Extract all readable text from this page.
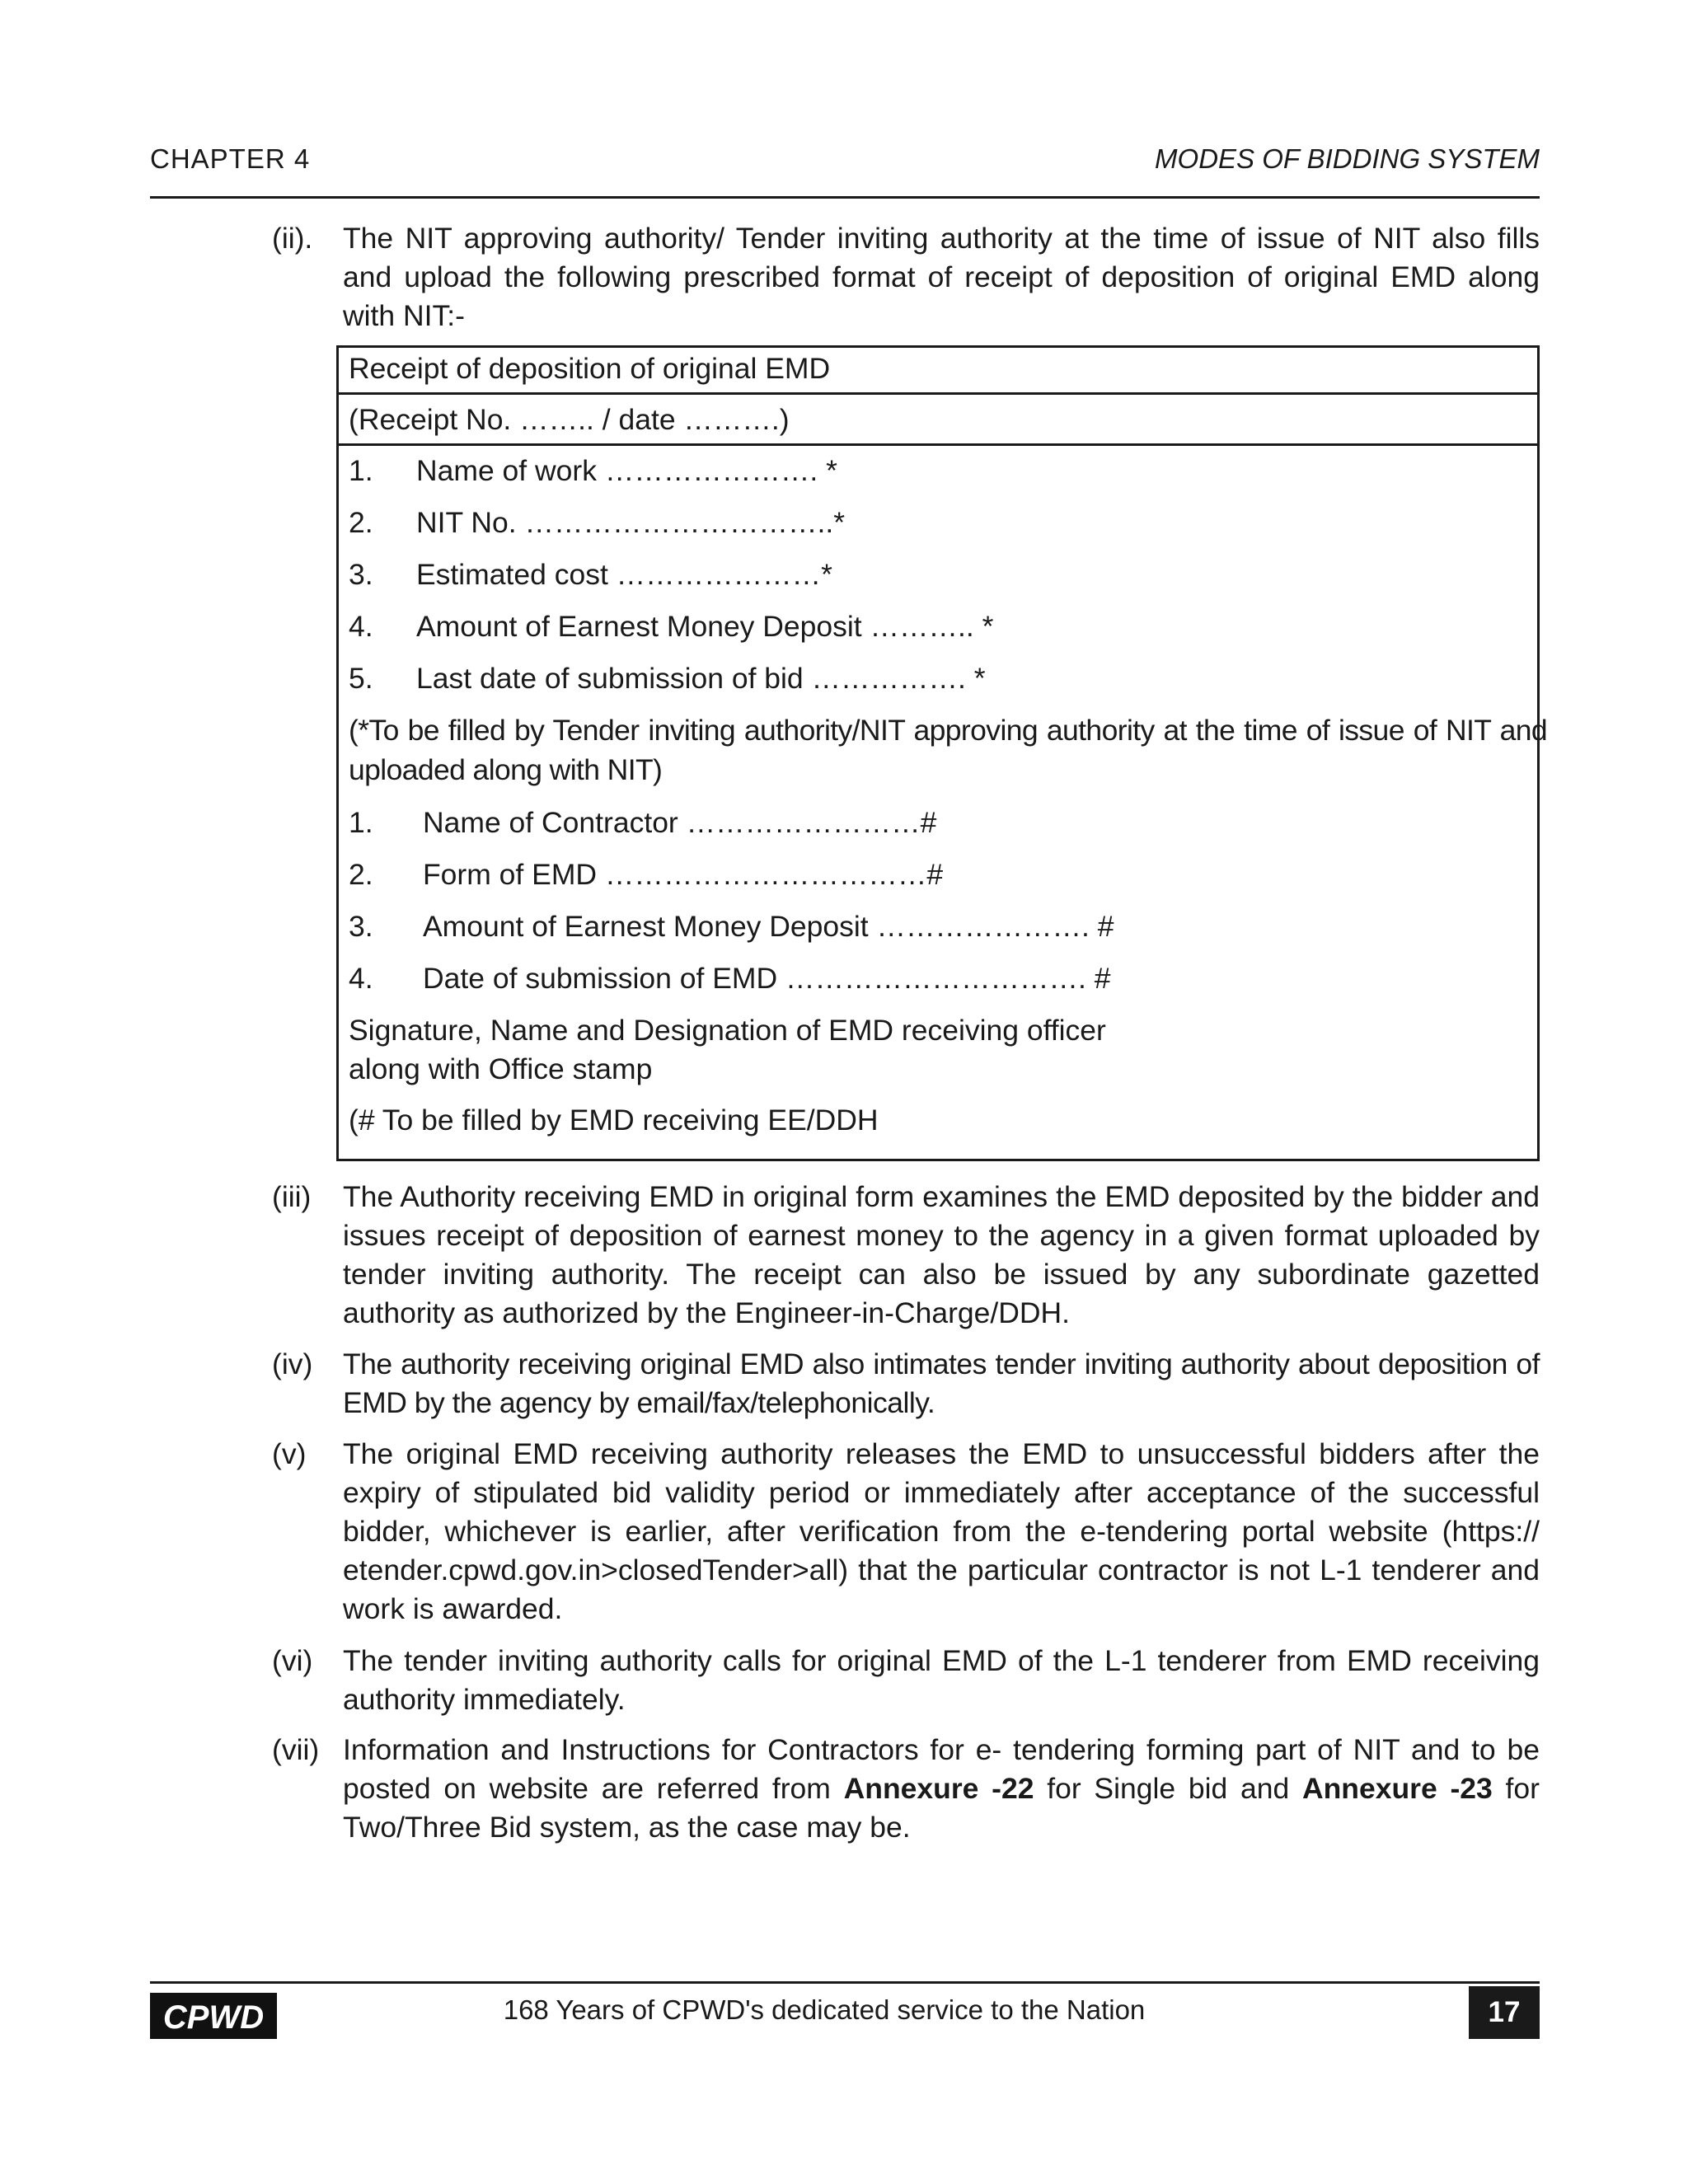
CHAPTER 4	MODES OF BIDDING SYSTEM
(ii). The NIT approving authority/ Tender inviting authority at the time of issue of NIT also fills and upload the following prescribed format of receipt of deposition of original EMD along with NIT:-
Receipt of deposition of original EMD
(Receipt No. …….. / date ……….)
1. Name of work …………………. *
2. NIT No. …………………………..*
3. Estimated cost …………………*
4. Amount of Earnest Money Deposit ……….. *
5. Last date of submission of bid ……………. *
(*To be filled by Tender inviting authority/NIT approving authority at the time of issue of NIT and uploaded along with NIT)
1. Name of Contractor ……………………#
2. Form of EMD ……………………………#
3. Amount of Earnest Money Deposit …………………. #
4. Date of submission of EMD …………………………. #
Signature, Name and Designation of EMD receiving officer
along with Office stamp
(# To be filled by EMD receiving EE/DDH
(iii) The Authority receiving EMD in original form examines the EMD deposited by the bidder and issues receipt of deposition of earnest money to the agency in a given format uploaded by tender inviting authority. The receipt can also be issued by any subordinate gazetted authority as authorized by the Engineer-in-Charge/DDH.
(iv) The authority receiving original EMD also intimates tender inviting authority about deposition of EMD by the agency by email/fax/telephonically.
(v) The original EMD receiving authority releases the EMD to unsuccessful bidders after the expiry of stipulated bid validity period or immediately after acceptance of the successful bidder, whichever is earlier, after verification from the e-tendering portal website (https:// etender.cpwd.gov.in>closedTender>all) that the particular contractor is not L-1 tenderer and work is awarded.
(vi) The tender inviting authority calls for original EMD of the L-1 tenderer from EMD receiving authority immediately.
(vii) Information and Instructions for Contractors for e- tendering forming part of NIT and to be posted on website are referred from Annexure -22 for Single bid and Annexure -23 for Two/Three Bid system, as the case may be.
CPWD	168 Years of CPWD's dedicated service to the Nation	17
